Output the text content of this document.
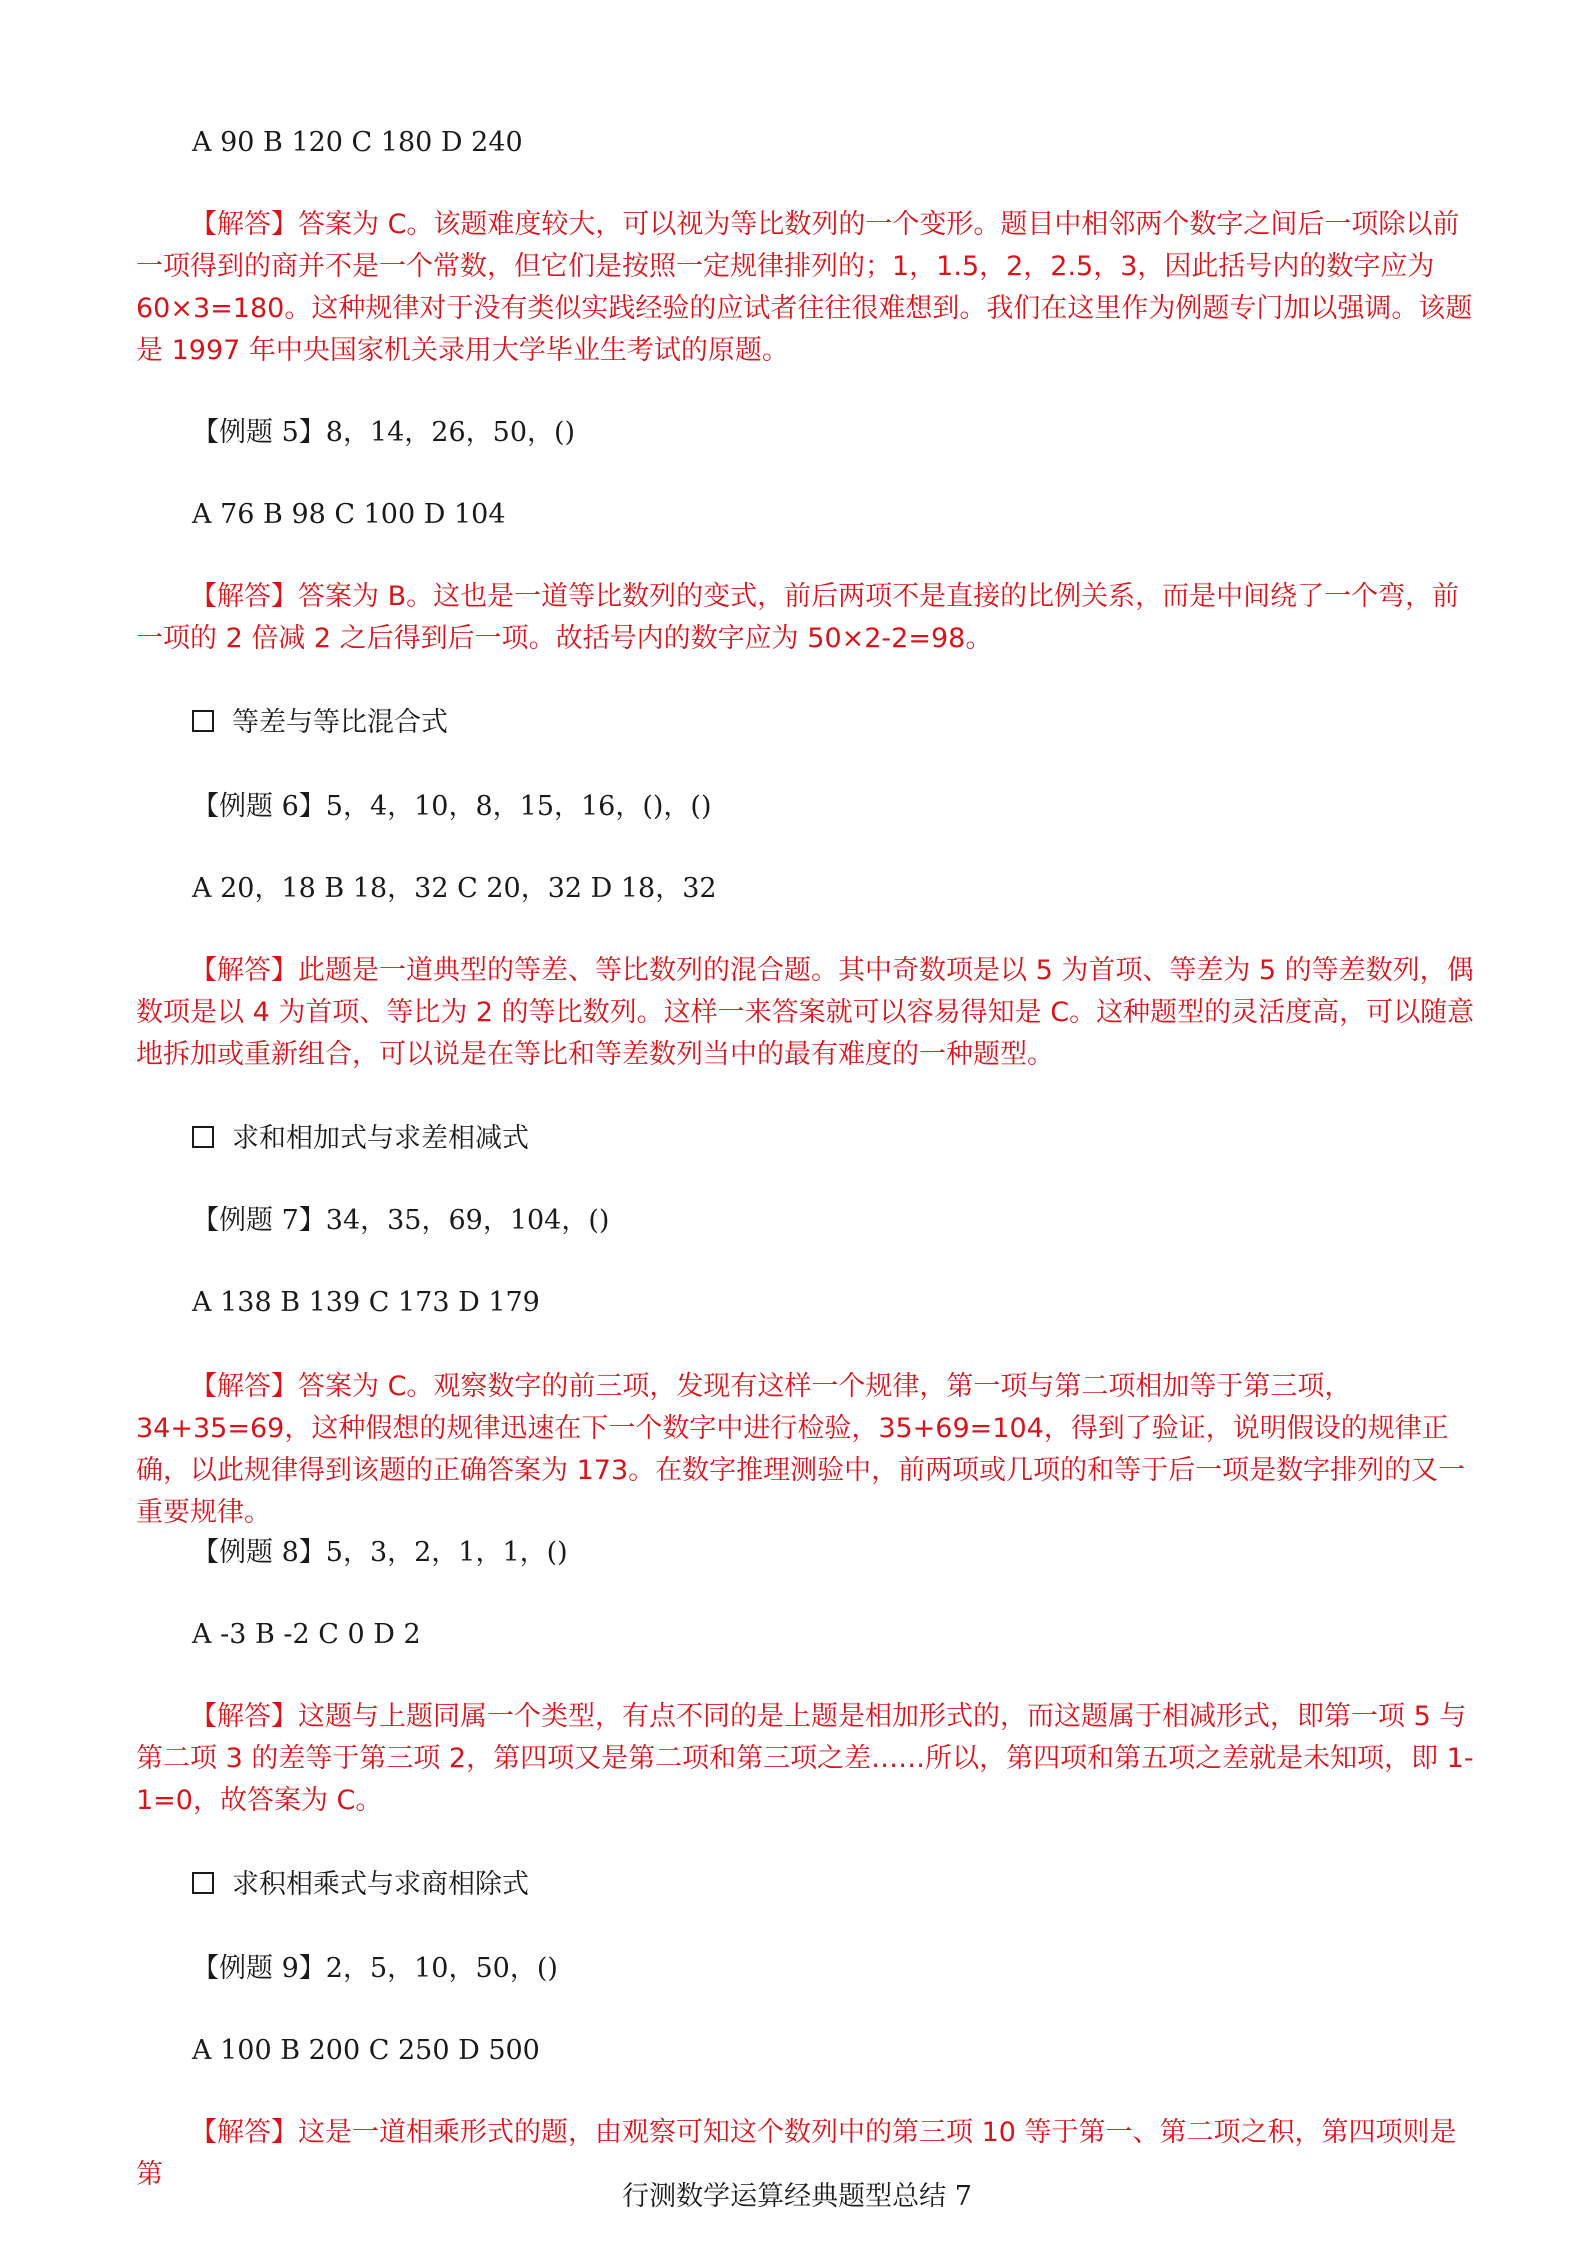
A 90 B 120 C 180 D 240
【解答】答案为 C。该题难度较大，可以视为等比数列的一个变形。题目中相邻两个数字之间后一项除以前一项得到的商并不是一个常数，但它们是按照一定规律排列的；1，1.5，2，2.5，3，因此括号内的数字应为 60×3=180。这种规律对于没有类似实践经验的应试者往往很难想到。我们在这里作为例题专门加以强调。该题是 1997 年中央国家机关录用大学毕业生考试的原题。
【例题 5】8，14，26，50，()
A 76 B 98 C 100 D 104
【解答】答案为 B。这也是一道等比数列的变式，前后两项不是直接的比例关系，而是中间绕了一个弯，前一项的 2 倍减 2 之后得到后一项。故括号内的数字应为 50×2-2=98。
等差与等比混合式
【例题 6】5，4，10，8，15，16，()，()
A 20，18 B 18，32 C 20，32 D 18，32
【解答】此题是一道典型的等差、等比数列的混合题。其中奇数项是以 5 为首项、等差为 5 的等差数列，偶数项是以 4 为首项、等比为 2 的等比数列。这样一来答案就可以容易得知是 C。这种题型的灵活度高，可以随意地拆加或重新组合，可以说是在等比和等差数列当中的最有难度的一种题型。
求和相加式与求差相减式
【例题 7】34，35，69，104，()
A 138 B 139 C 173 D 179
【解答】答案为 C。观察数字的前三项，发现有这样一个规律，第一项与第二项相加等于第三项，34+35=69，这种假想的规律迅速在下一个数字中进行检验，35+69=104，得到了验证，说明假设的规律正确，以此规律得到该题的正确答案为 173。在数字推理测验中，前两项或几项的和等于后一项是数字排列的又一重要规律。
【例题 8】5，3，2，1，1，()
A -3 B -2 C 0 D 2
【解答】这题与上题同属一个类型，有点不同的是上题是相加形式的，而这题属于相减形式，即第一项 5 与第二项 3 的差等于第三项 2，第四项又是第二项和第三项之差……所以，第四项和第五项之差就是未知项，即 1-1=0，故答案为 C。
求积相乘式与求商相除式
【例题 9】2，5，10，50，()
A 100 B 200 C 250 D 500
【解答】这是一道相乘形式的题，由观察可知这个数列中的第三项 10 等于第一、第二项之积，第四项则是第
行测数学运算经典题型总结 7
